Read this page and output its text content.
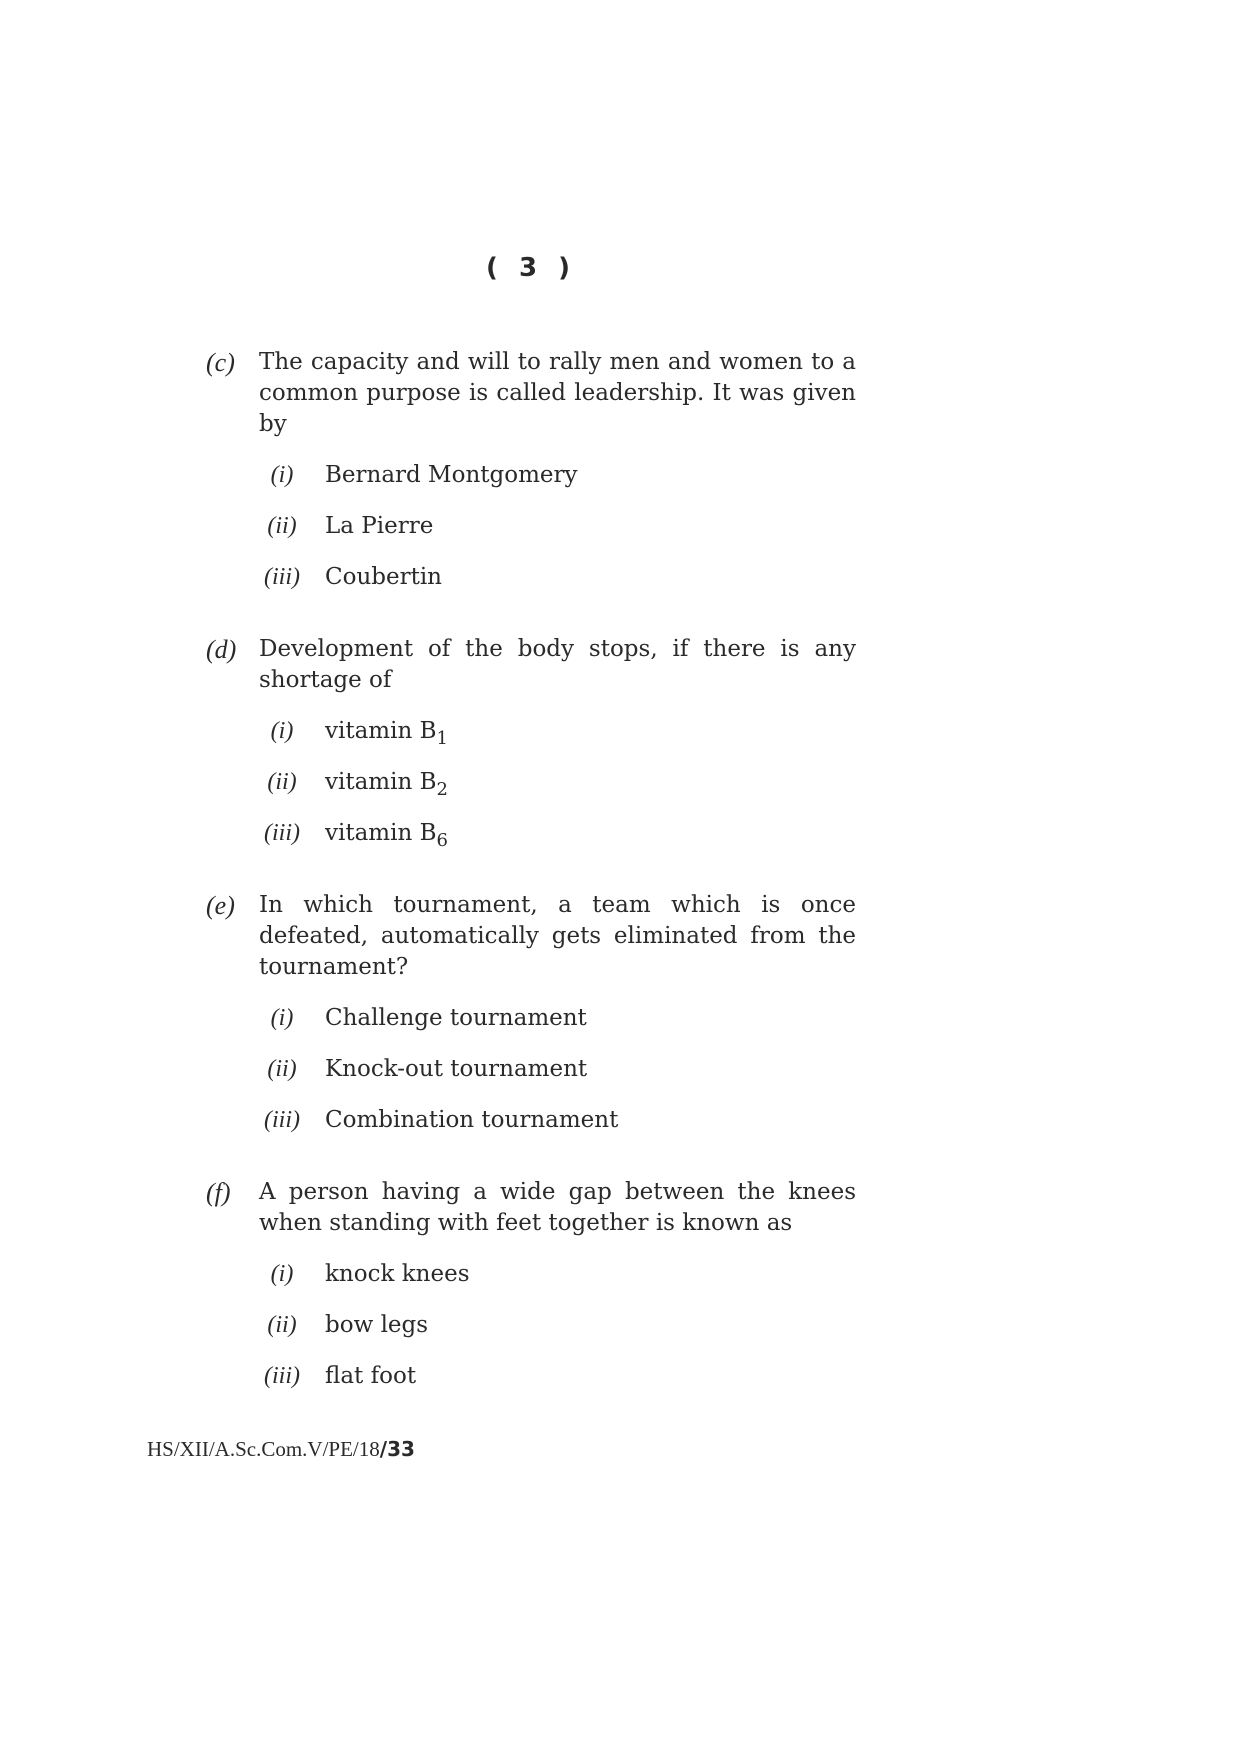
( 3 )
(c) The capacity and will to rally men and women to a common purpose is called leadership. It was given by
(i)	Bernard Montgomery
(ii)	La Pierre
(iii) Coubertin
(d) Development of the body stops, if there is any shortage of
(i)	vitamin $B_1$
(ii)	vitamin $B_2$
(iii) vitamin $B_6$
(e) In which tournament, a team which is once defeated, automatically gets eliminated from the tournament?
(i)	Challenge tournament
(ii)	Knock-out tournament
(iii) Combination tournament
(f) A person having a wide gap between the knees when standing with feet together is known as
(i)	knock knees
(ii)	bow legs
(iii) flat foot
HS/XII/A.Sc.Com.V/PE/18/33
